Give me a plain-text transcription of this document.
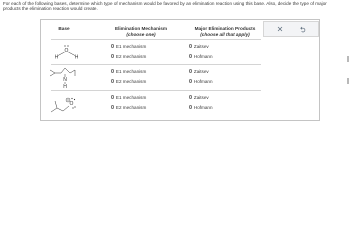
For each of the following bases, determine which type of mechanism would be favored by an elimination reaction using this base. Also, decide the type of major products the elimination reaction would create.
Base	Elimination Mechanism
(choose one)
Major Elimination Products
(choose all that apply)
O
H	H
E1 mechanism
E2 mechanism
Zaitsev
Hofmann
N
H
E1 mechanism
E2 mechanism
Zaitsev
Hofmann
O
E1 mechanism
E2 mechanism
Zaitsev
Hofmann
